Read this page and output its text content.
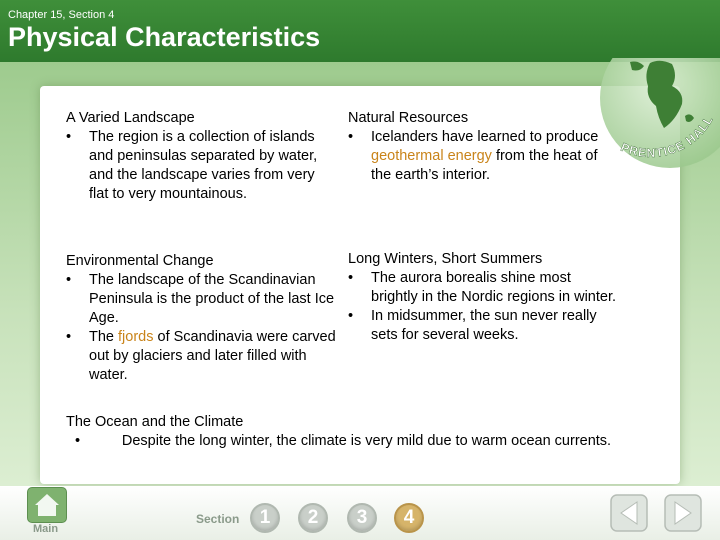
Chapter 15, Section 4
Physical Characteristics
PRENTICE HALL
A Varied Landscape
• The region is a collection of islands and peninsulas separated by water, and the landscape varies from very flat to very mountainous.
Natural Resources
• Icelanders have learned to produce geothermal energy from the heat of the earth’s interior.
Environmental Change
• The landscape of the Scandinavian Peninsula is the product of the last Ice Age.
• The fjords of Scandinavia were carved out by glaciers and later filled with water.
Long Winters, Short Summers
• The aurora borealis shine most brightly in the Nordic regions in winter.
• In midsummer, the sun never really sets for several weeks.
The Ocean and the Climate
• Despite the long winter, the climate is very mild due to warm ocean currents.
Main
Section	1	2	3	4
